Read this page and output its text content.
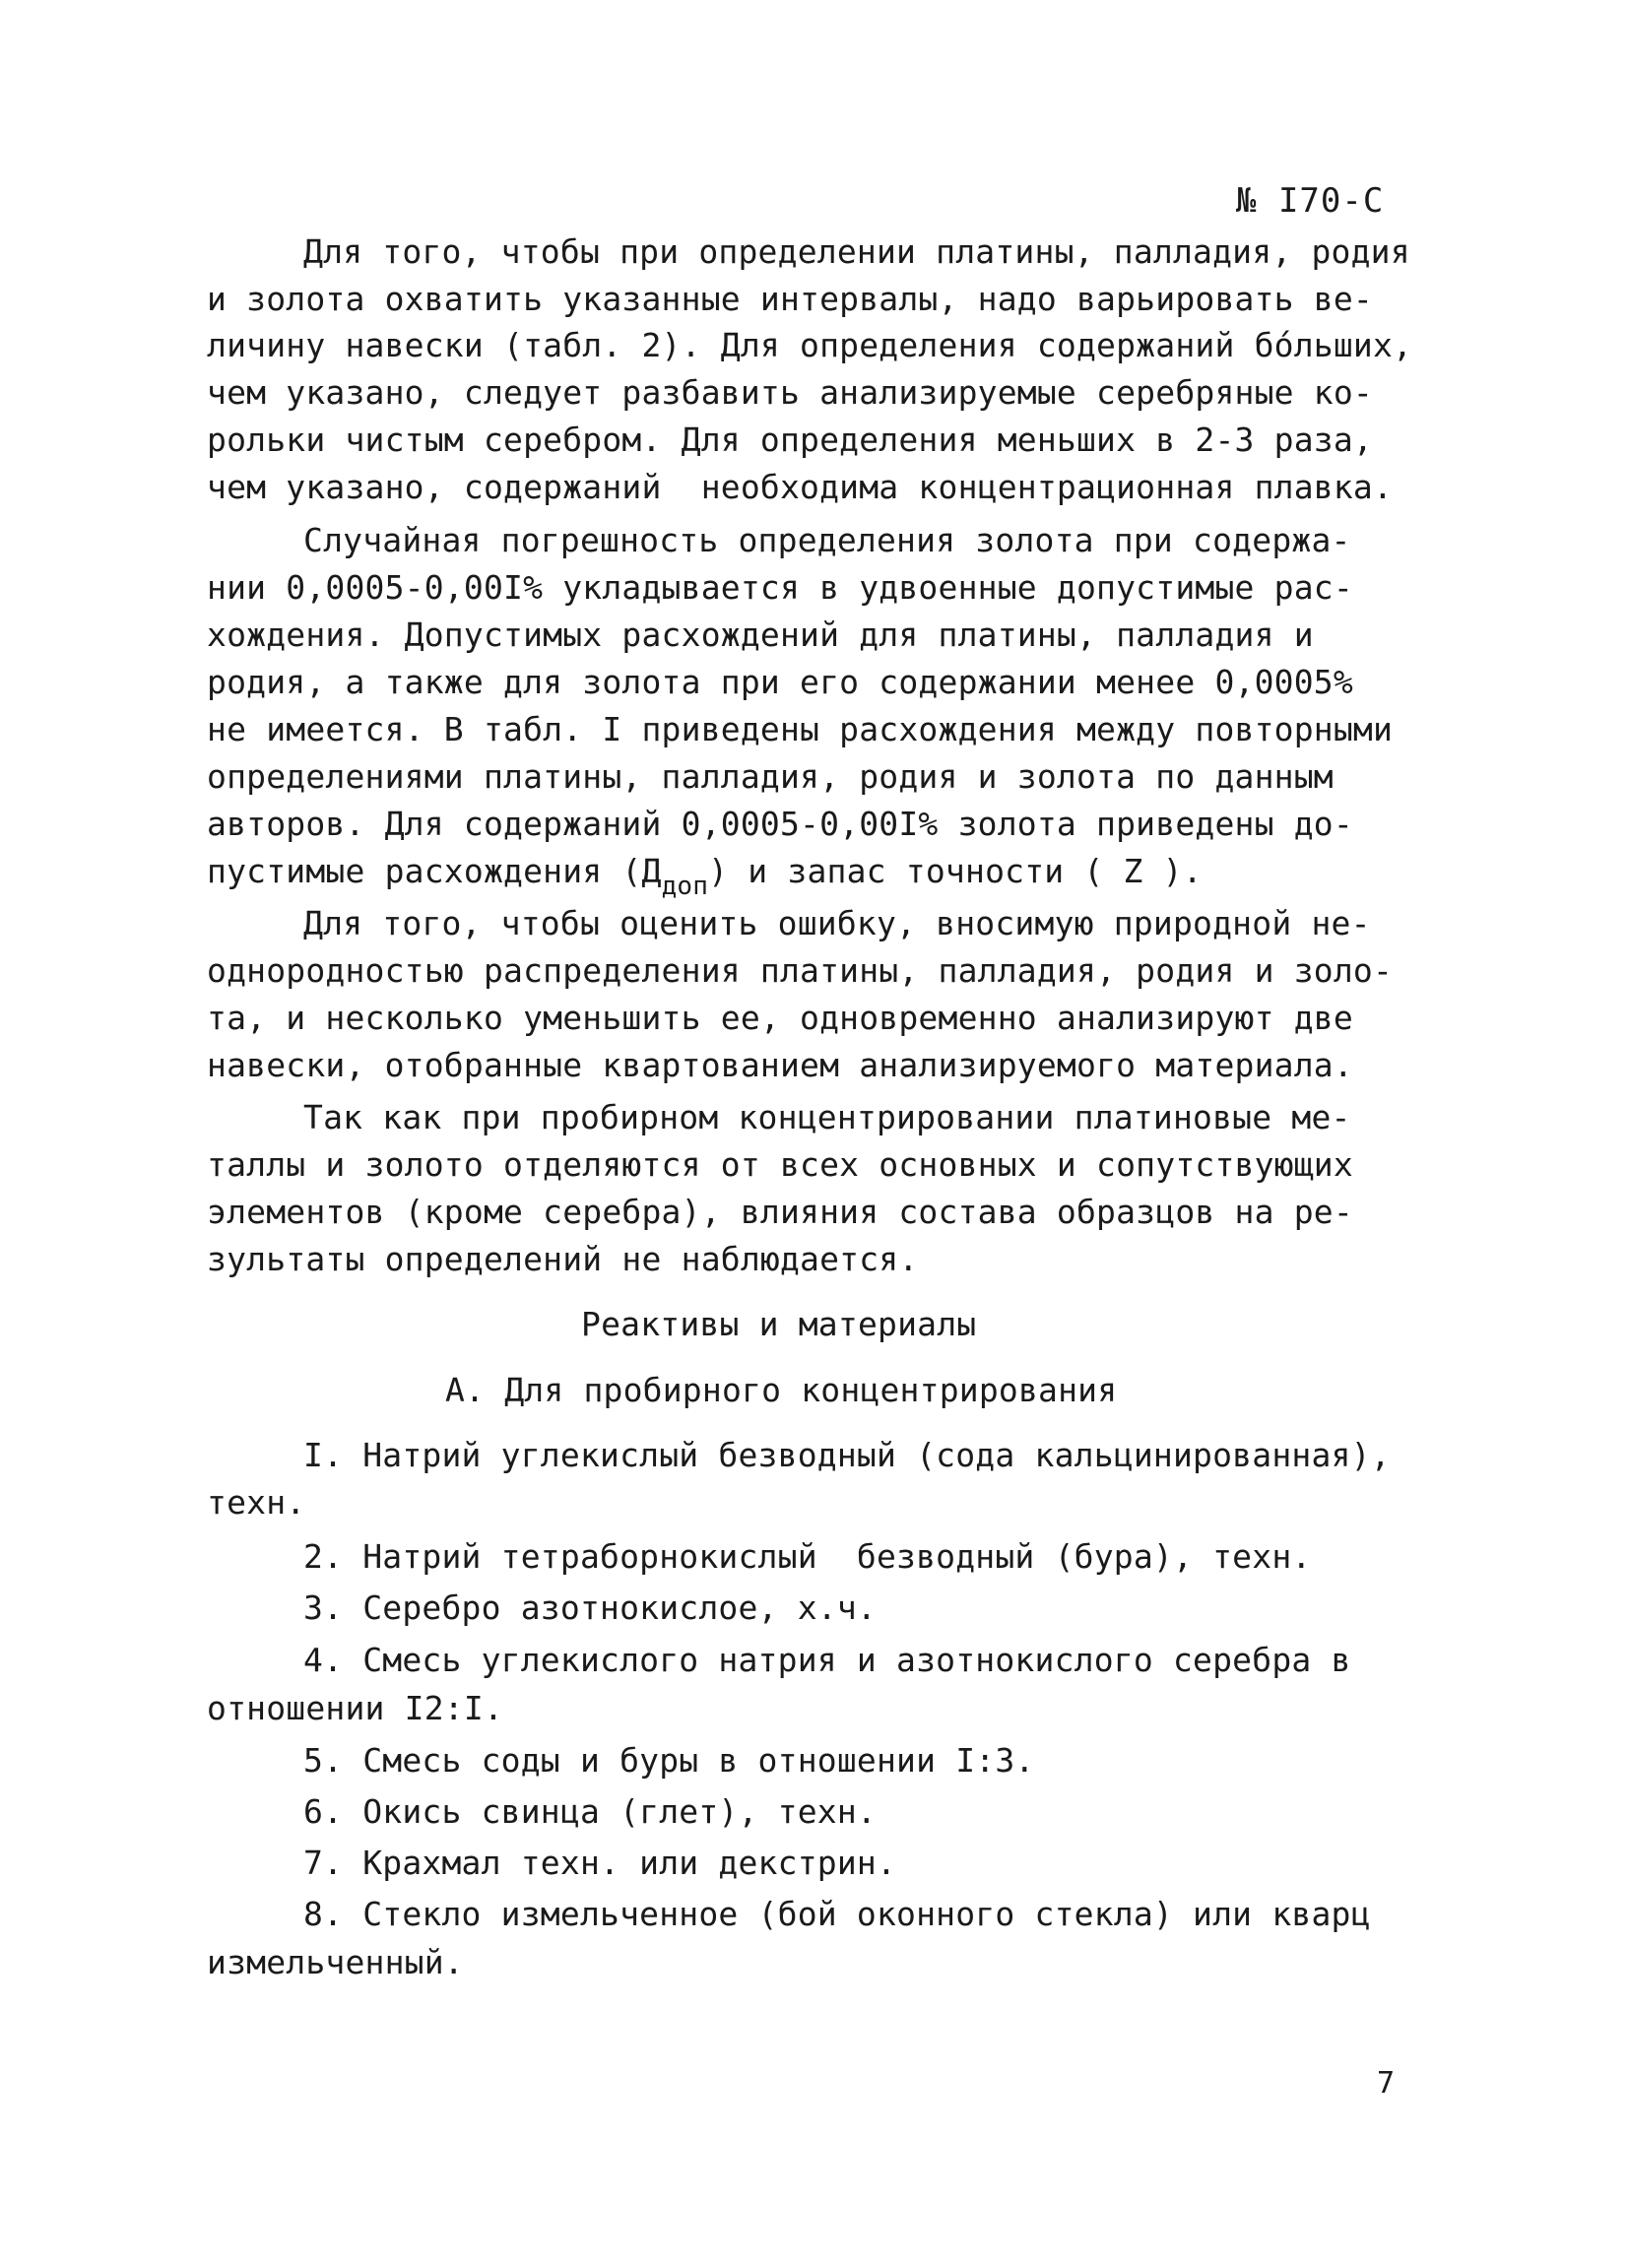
№ I70-С
Для того, чтобы при определении платины, палладия, родия
и золота охватить указанные интервалы, надо варьировать ве-
личину навески (табл. 2). Для определения содержаний бóльших,
чем указано, следует разбавить анализируемые серебряные ко-
рольки чистым серебром. Для определения меньших в 2-3 раза,
чем указано, содержаний  необходима концентрационная плавка.
Случайная погрешность определения золота при содержа-
нии 0,0005-0,00I% укладывается в удвоенные допустимые рас-
хождения. Допустимых расхождений для платины, палладия и
родия, а также для золота при его содержании менее 0,0005%
не имеется. В табл. I приведены расхождения между повторными
определениями платины, палладия, родия и золота по данным
авторов. Для содержаний 0,0005-0,00I% золота приведены до-
пустимые расхождения $(Д_{доп})$ и запас точности ( Z ).
Для того, чтобы оценить ошибку, вносимую природной не-
однородностью распределения платины, палладия, родия и золо-
та, и несколько уменьшить ее, одновременно анализируют две
навески, отобранные квартованием анализируемого материала.
Так как при пробирном концентрировании платиновые ме-
таллы и золото отделяются от всех основных и сопутствующих
элементов (кроме серебра), влияния состава образцов на ре-
зультаты определений не наблюдается.
Реактивы и материалы
А. Для пробирного концентрирования
I. Натрий углекислый безводный (сода кальцинированная),
техн.
2. Натрий тетраборнокислый  безводный (бура), техн.
3. Серебро азотнокислое, х.ч.
4. Смесь углекислого натрия и азотнокислого серебра в
отношении I2:I.
5. Смесь соды и буры в отношении I:3.
6. Окись свинца (глет), техн.
7. Крахмал техн. или декстрин.
8. Стекло измельченное (бой оконного стекла) или кварц
измельченный.
7
